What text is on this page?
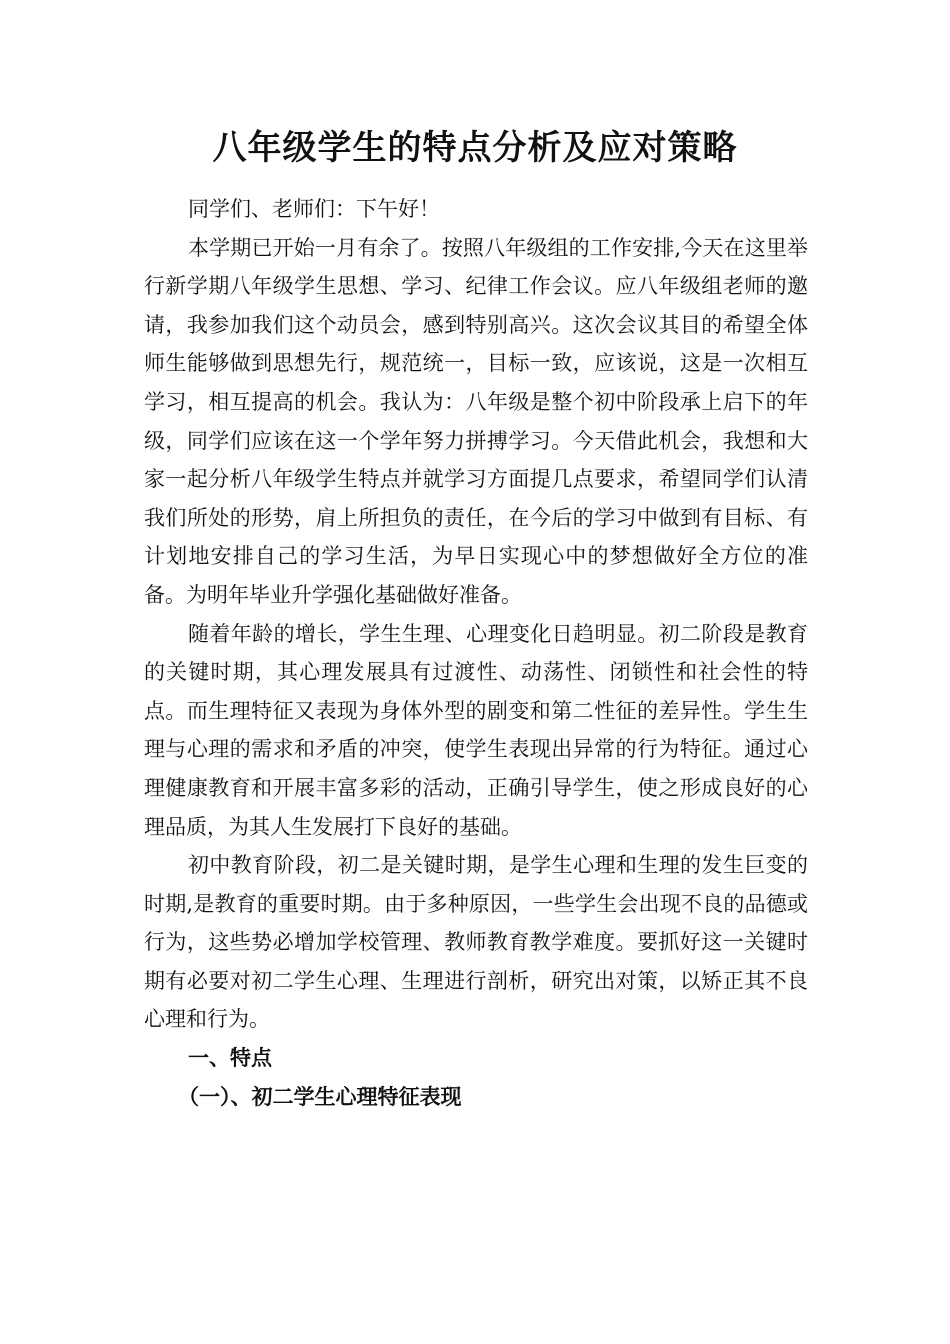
八年级学生的特点分析及应对策略

同学们、老师们：下午好！

本学期已开始一月有余了。按照八年级组的工作安排,今天在这里举行新学期八年级学生思想、学习、纪律工作会议。应八年级组老师的邀请，我参加我们这个动员会，感到特别高兴。这次会议其目的希望全体师生能够做到思想先行，规范统一，目标一致，应该说，这是一次相互学习，相互提高的机会。我认为：八年级是整个初中阶段承上启下的年级，同学们应该在这一个学年努力拼搏学习。今天借此机会，我想和大家一起分析八年级学生特点并就学习方面提几点要求，希望同学们认清我们所处的形势，肩上所担负的责任，在今后的学习中做到有目标、有计划地安排自己的学习生活，为早日实现心中的梦想做好全方位的准备。为明年毕业升学强化基础做好准备。

随着年龄的增长，学生生理、心理变化日趋明显。初二阶段是教育的关键时期，其心理发展具有过渡性、动荡性、闭锁性和社会性的特点。而生理特征又表现为身体外型的剧变和第二性征的差异性。学生生理与心理的需求和矛盾的冲突，使学生表现出异常的行为特征。通过心理健康教育和开展丰富多彩的活动，正确引导学生，使之形成良好的心理品质，为其人生发展打下良好的基础。

初中教育阶段，初二是关键时期，是学生心理和生理的发生巨变的时期,是教育的重要时期。由于多种原因，一些学生会出现不良的品德或行为，这些势必增加学校管理、教师教育教学难度。要抓好这一关键时期有必要对初二学生心理、生理进行剖析，研究出对策，以矫正其不良心理和行为。

一、特点

（一）、初二学生心理特征表现
